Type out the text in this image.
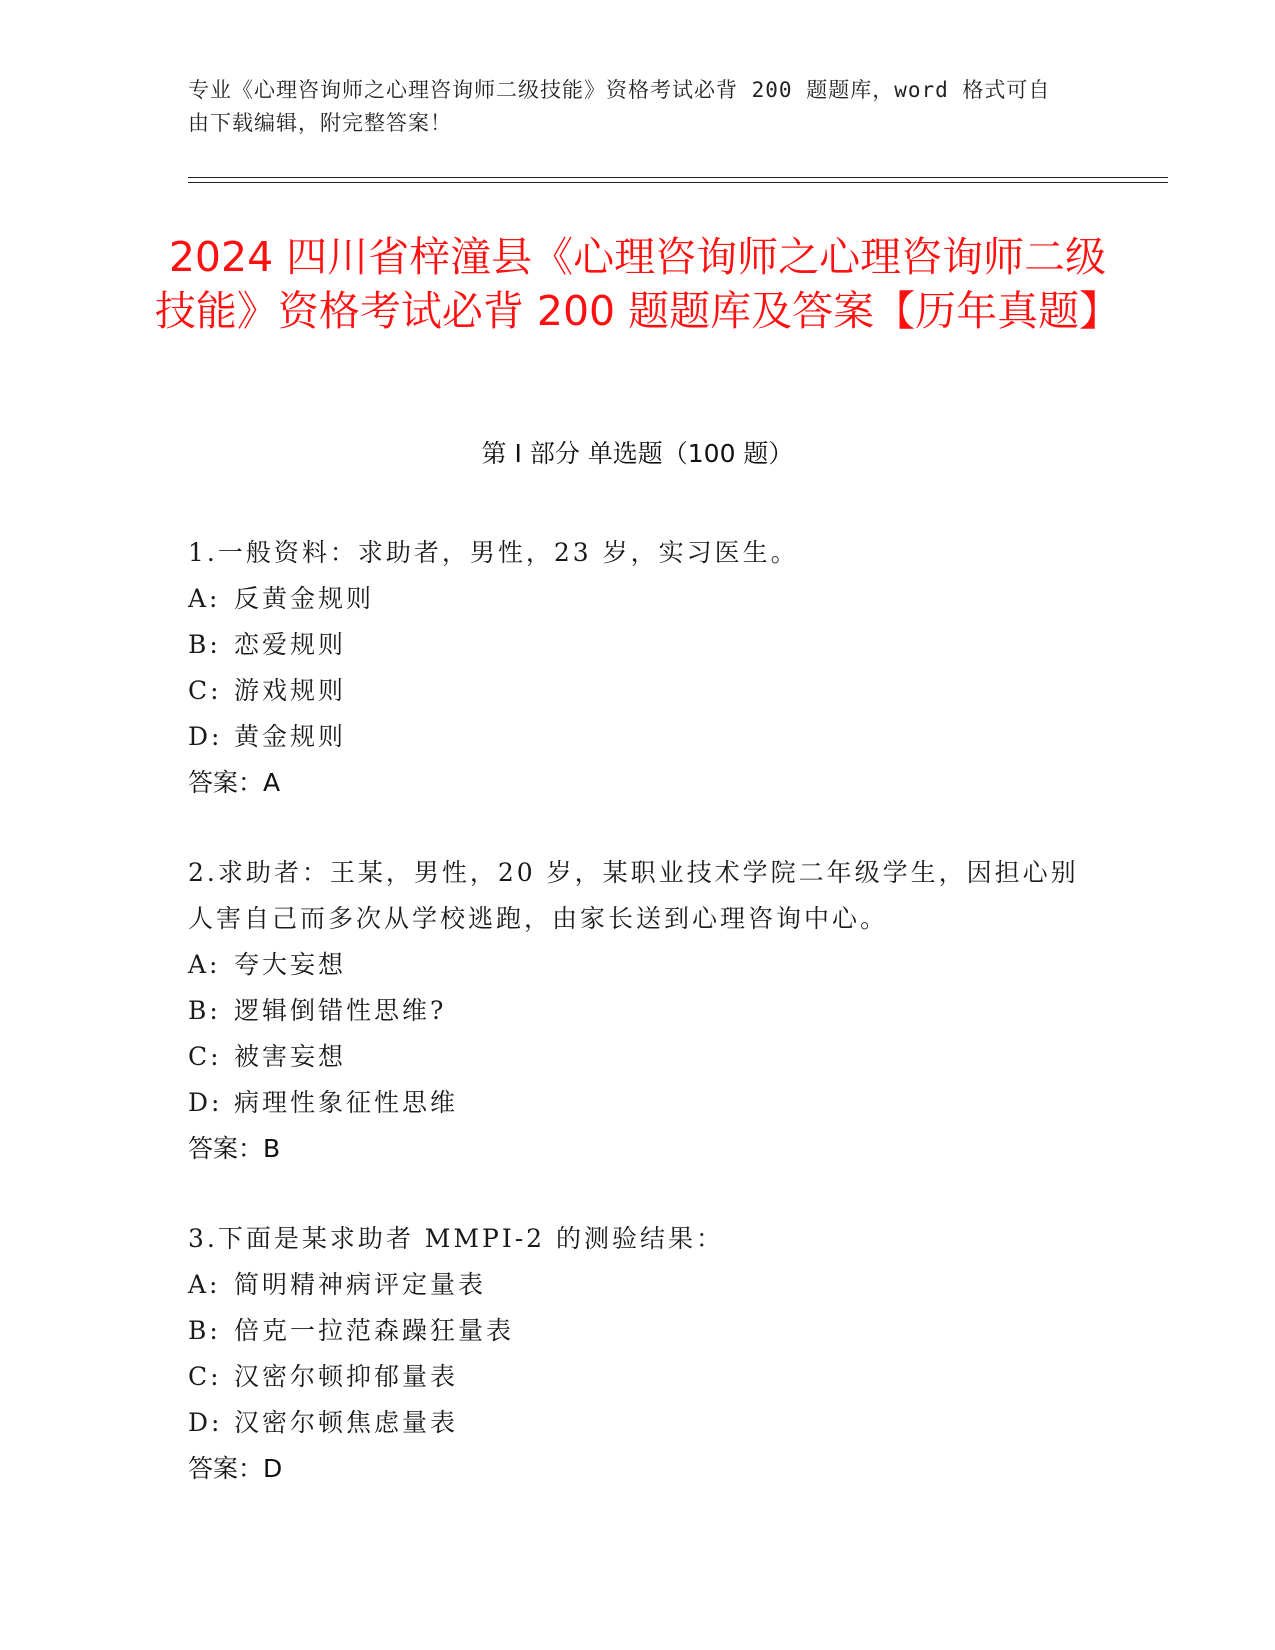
专业《心理咨询师之心理咨询师二级技能》资格考试必背 200 题题库，word 格式可自由下载编辑，附完整答案！
2024 四川省梓潼县《心理咨询师之心理咨询师二级技能》资格考试必背 200 题题库及答案【历年真题】
第 I 部分 单选题（100 题）
1.一般资料：求助者，男性，23 岁，实习医生。
A: 反黄金规则
B: 恋爱规则
C: 游戏规则
D: 黄金规则
答案：A
2.求助者：王某，男性，20 岁，某职业技术学院二年级学生，因担心别人害自己而多次从学校逃跑，由家长送到心理咨询中心。
A: 夸大妄想
B: 逻辑倒错性思维?
C: 被害妄想
D: 病理性象征性思维
答案：B
3.下面是某求助者 MMPI-2 的测验结果：
A: 简明精神病评定量表
B: 倍克一拉范森躁狂量表
C: 汉密尔顿抑郁量表
D: 汉密尔顿焦虑量表
答案：D
